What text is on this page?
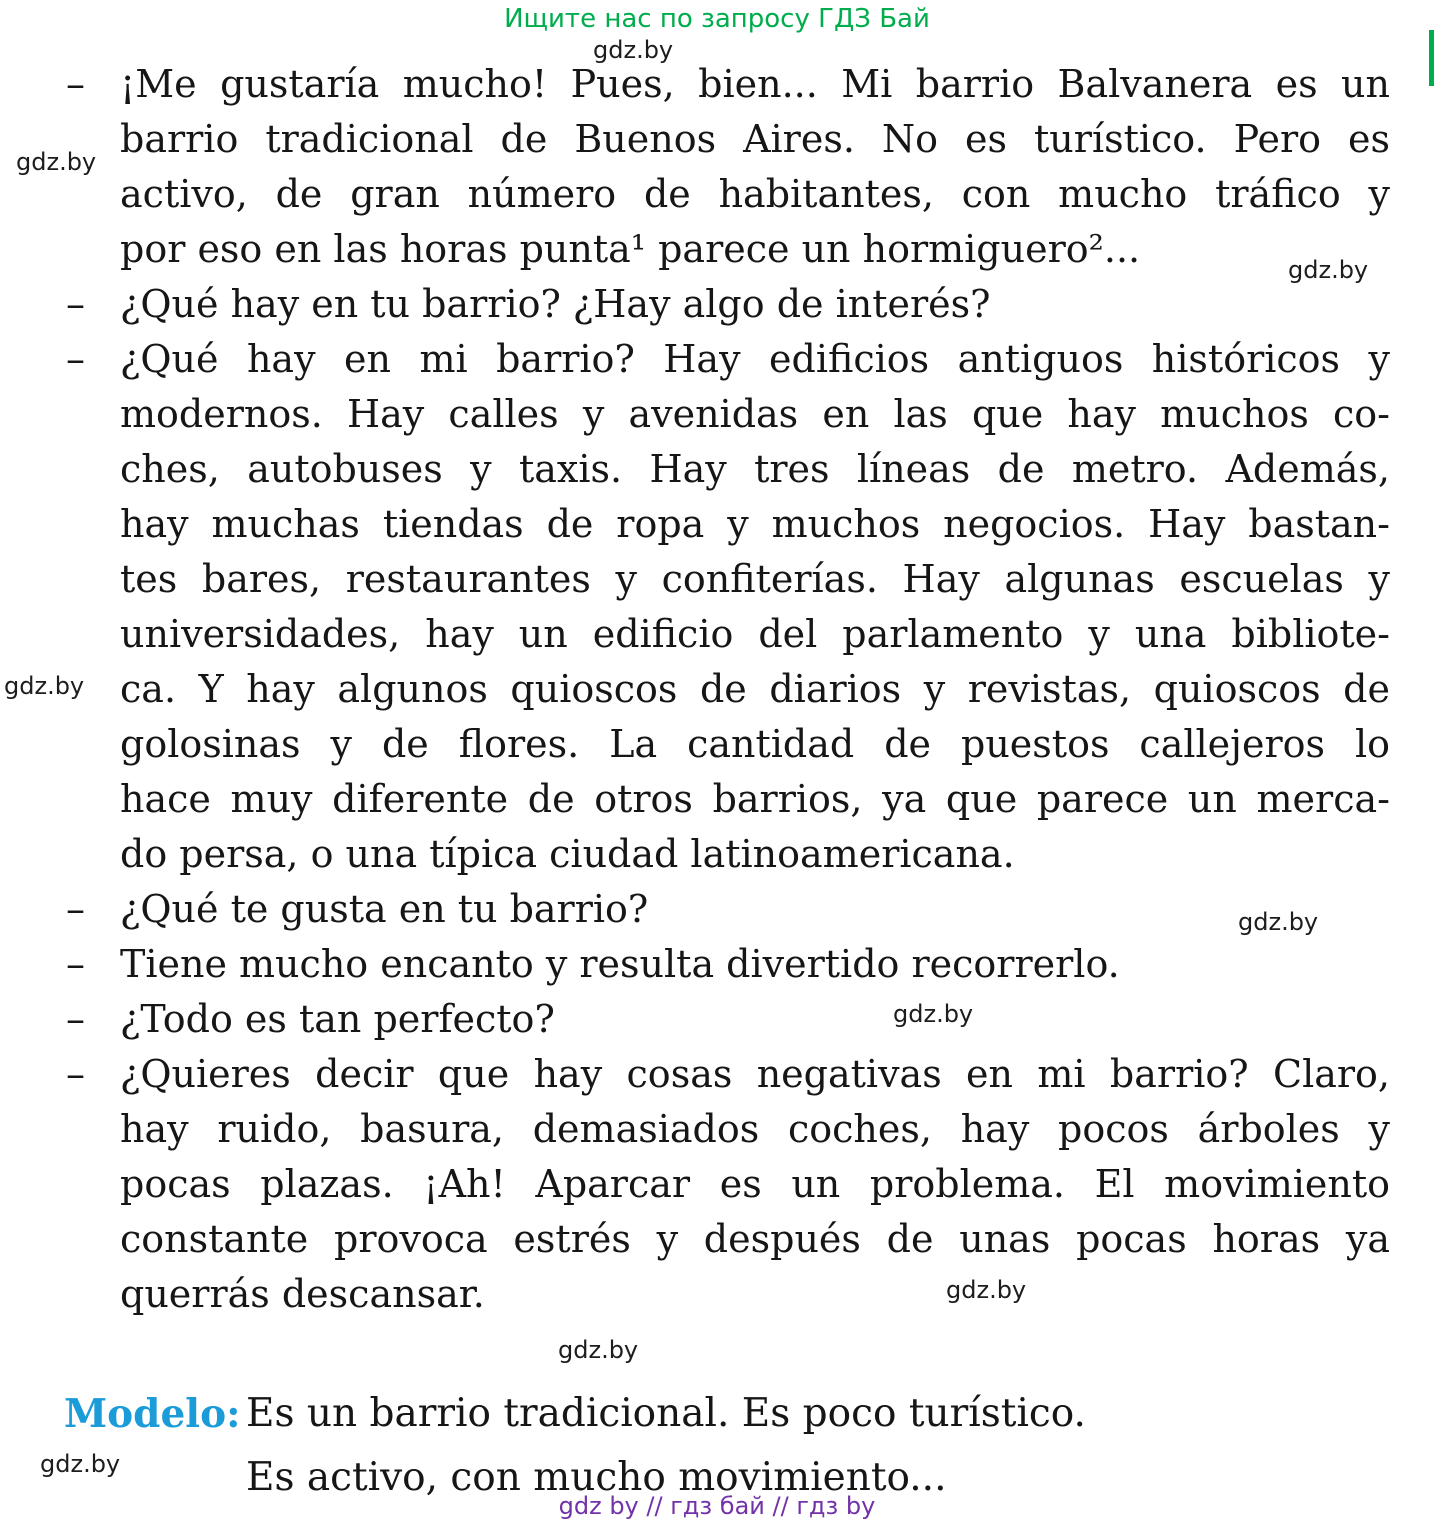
Ищите нас по запросу ГДЗ Бай
– ¡Me gustaría mucho! Pues, bien... Mi barrio Balvanera es un
barrio tradicional de Buenos Aires. No es turístico. Pero es
activo, de gran número de habitantes, con mucho tráfico y
por eso en las horas punta¹ parece un hormiguero²...
– ¿Qué hay en tu barrio? ¿Hay algo de interés?
– ¿Qué hay en mi barrio? Hay edificios antiguos históricos y
modernos. Hay calles y avenidas en las que hay muchos co-
ches, autobuses y taxis. Hay tres líneas de metro. Además,
hay muchas tiendas de ropa y muchos negocios. Hay bastan-
tes bares, restaurantes y confiterías. Hay algunas escuelas y
universidades, hay un edificio del parlamento y una bibliote-
ca. Y hay algunos quioscos de diarios y revistas, quioscos de
golosinas y de flores. La cantidad de puestos callejeros lo
hace muy diferente de otros barrios, ya que parece un merca-
do persa, o una típica ciudad latinoamericana.
– ¿Qué te gusta en tu barrio?
– Tiene mucho encanto y resulta divertido recorrerlo.
– ¿Todo es tan perfecto?
– ¿Quieres decir que hay cosas negativas en mi barrio? Claro,
hay ruido, basura, demasiados coches, hay pocos árboles y
pocas plazas. ¡Ah! Aparcar es un problema. El movimiento
constante provoca estrés y después de unas pocas horas ya
querrás descansar.
Modelo: Es un barrio tradicional. Es poco turístico.
Es activo, con mucho movimiento...
gdz by // гдз бай // гдз by
gdz.by
gdz.by
gdz.by
gdz.by
gdz.by
gdz.by
gdz.by
gdz.by
gdz.by
